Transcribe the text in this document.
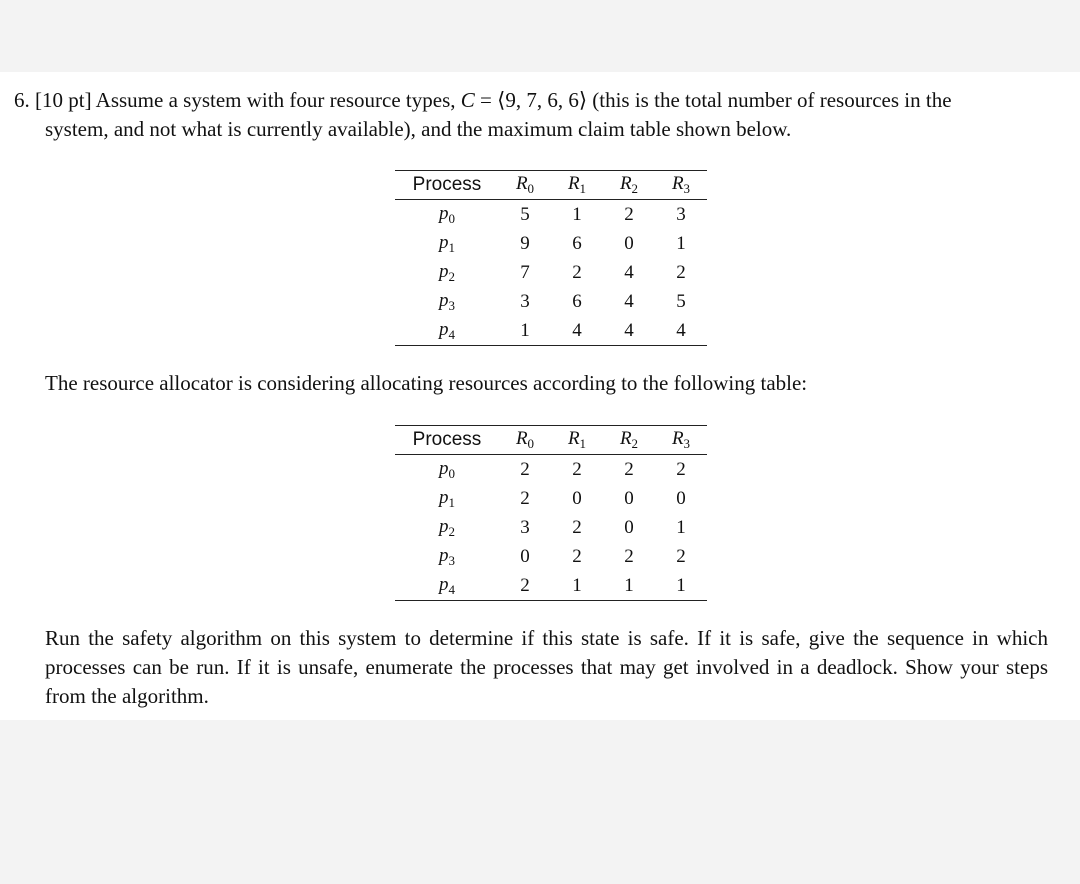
6. [10 pt] Assume a system with four resource types, C = ⟨9, 7, 6, 6⟩ (this is the total number of resources in the
system, and not what is currently available), and the maximum claim table shown below.
Process	$R_0$	$R_1$	$R_2$	$R_3$
$p_0$	5	1	2	3
$p_1$	9	6	0	1
$p_2$	7	2	4	2
$p_3$	3	6	4	5
$p_4$	1	4	4	4
The resource allocator is considering allocating resources according to the following table:
Process	$R_0$	$R_1$	$R_2$	$R_3$
$p_0$	2	2	2	2
$p_1$	2	0	0	0
$p_2$	3	2	0	1
$p_3$	0	2	2	2
$p_4$	2	1	1	1
Run the safety algorithm on this system to determine if this state is safe. If it is safe, give the sequence in which processes can be run. If it is unsafe, enumerate the processes that may get involved in a deadlock. Show your steps from the algorithm.
